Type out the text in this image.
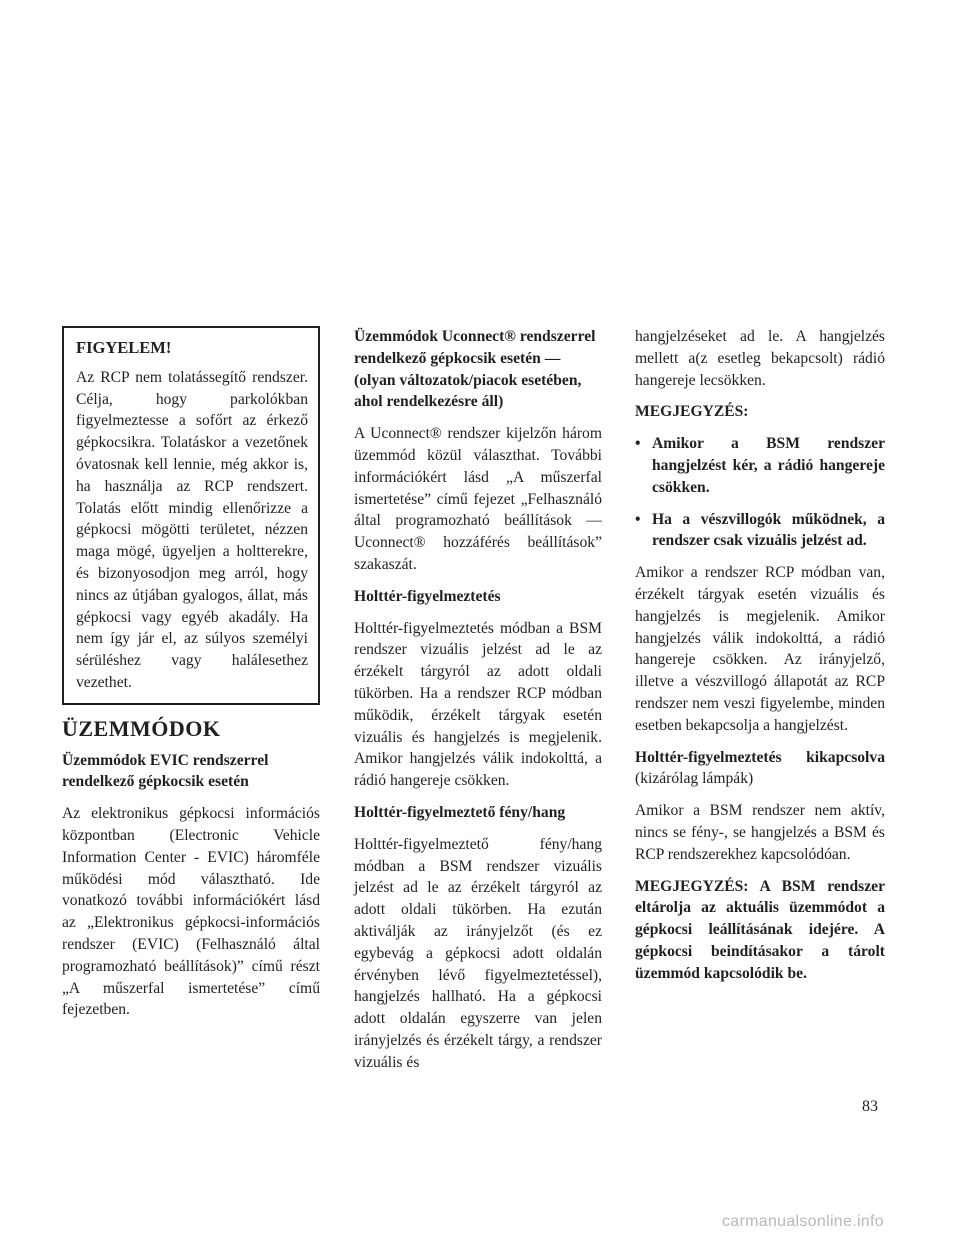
FIGYELEM!

Az RCP nem tolatássegítő rendszer. Célja, hogy parkolókban figyelmeztesse a sofőrt az érkező gépkocsikra. Tolatáskor a vezetőnek óvatosnak kell lennie, még akkor is, ha használja az RCP rendszert. Tolatás előtt mindig ellenőrizze a gépkocsi mögötti területet, nézzen maga mögé, ügyeljen a holtterekre, és bizonyosodjon meg arról, hogy nincs az útjában gyalogos, állat, más gépkocsi vagy egyéb akadály. Ha nem így jár el, az súlyos személyi sérüléshez vagy halálesethez vezethet.

ÜZEMMÓDOK

Üzemmódok EVIC rendszerrel rendelkező gépkocsik esetén

Az elektronikus gépkocsi információs központban (Electronic Vehicle Information Center - EVIC) háromféle működési mód választható. Ide vonatkozó további információkért lásd az „Elektronikus gépkocsi-információs rendszer (EVIC) (Felhasználó által programozható beállítások)” című részt „A műszerfal ismertetése” című fejezetben.

Üzemmódok Uconnect® rendszerrel rendelkező gépkocsik esetén — (olyan változatok/piacok esetében, ahol rendelkezésre áll)

A Uconnect® rendszer kijelzőn három üzemmód közül választhat. További információkért lásd „A műszerfal ismertetése” című fejezet „Felhasználó által programozható beállítások — Uconnect® hozzáférés beállítások” szakaszát.

Holttér-figyelmeztetés

Holttér-figyelmeztetés módban a BSM rendszer vizuális jelzést ad le az érzékelt tárgyról az adott oldali tükörben. Ha a rendszer RCP módban működik, érzékelt tárgyak esetén vizuális és hangjelzés is megjelenik. Amikor hangjelzés válik indokolttá, a rádió hangereje csökken.

Holttér-figyelmeztető fény/hang

Holttér-figyelmeztető fény/hang módban a BSM rendszer vizuális jelzést ad le az érzékelt tárgyról az adott oldali tükörben. Ha ezután aktiválják az irányjelzőt (és ez egybevág a gépkocsi adott oldalán érvényben lévő figyelmeztetéssel), hangjelzés hallható. Ha a gépkocsi adott oldalán egyszerre van jelen irányjelzés és érzékelt tárgy, a rendszer vizuális és

hangjelzéseket ad le. A hangjelzés mellett a(z esetleg bekapcsolt) rádió hangereje lecsökken.

MEGJEGYZÉS:

• Amikor a BSM rendszer hangjelzést kér, a rádió hangereje csökken.
• Ha a vészvillogók működnek, a rendszer csak vizuális jelzést ad.

Amikor a rendszer RCP módban van, érzékelt tárgyak esetén vizuális és hangjelzés is megjelenik. Amikor hangjelzés válik indokolttá, a rádió hangereje csökken. Az irányjelző, illetve a vészvillogó állapotát az RCP rendszer nem veszi figyelembe, minden esetben bekapcsolja a hangjelzést.

Holttér-figyelmeztetés kikapcsolva
(kizárólag lámpák)

Amikor a BSM rendszer nem aktív, nincs se fény-, se hangjelzés a BSM és RCP rendszerekhez kapcsolódóan.

MEGJEGYZÉS: A BSM rendszer eltárolja az aktuális üzemmódot a gépkocsi leállításának idejére. A gépkocsi beindításakor a tárolt üzemmód kapcsolódik be.

83
carmanualsonline.info
